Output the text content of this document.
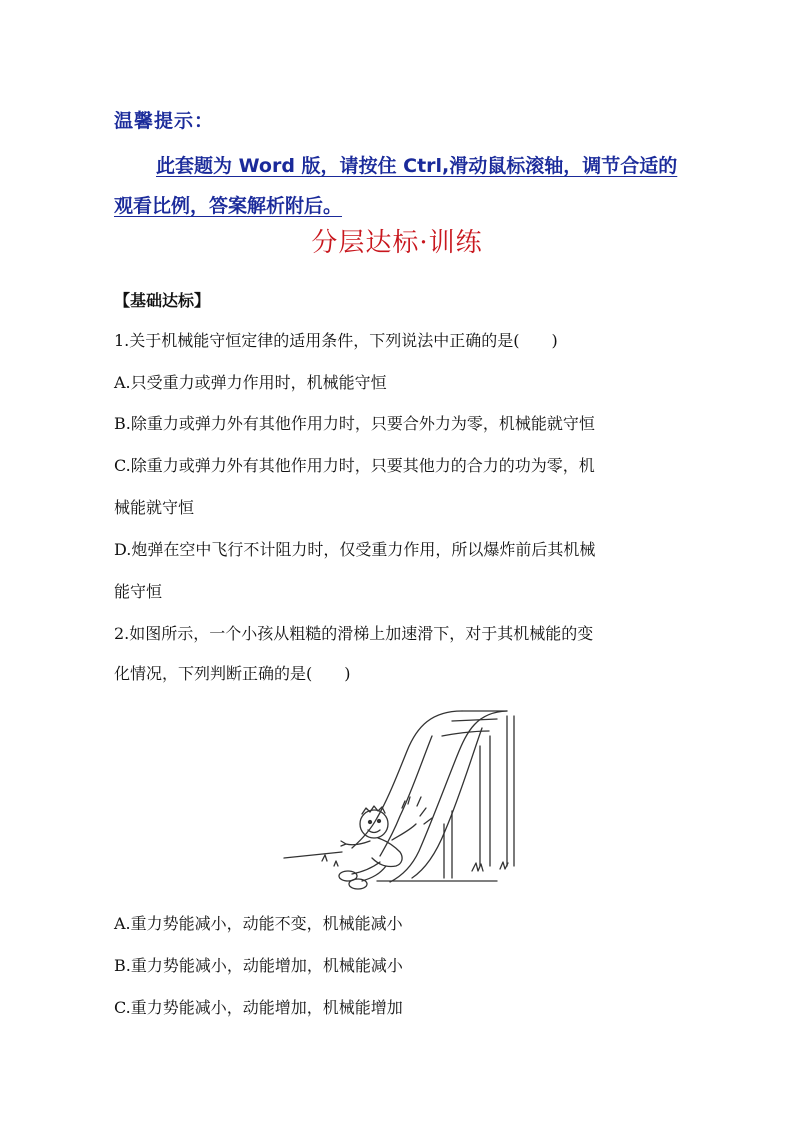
温馨提示：
此套题为 Word 版，请按住 Ctrl,滑动鼠标滚轴，调节合适的观看比例，答案解析附后。
分层达标·训练
【基础达标】
1.关于机械能守恒定律的适用条件，下列说法中正确的是(　　)
A.只受重力或弹力作用时，机械能守恒
B.除重力或弹力外有其他作用力时，只要合外力为零，机械能就守恒
C.除重力或弹力外有其他作用力时，只要其他力的合力的功为零，机
械能就守恒
D.炮弹在空中飞行不计阻力时，仅受重力作用，所以爆炸前后其机械
能守恒
2.如图所示，一个小孩从粗糙的滑梯上加速滑下，对于其机械能的变
化情况，下列判断正确的是(　　)
A.重力势能减小，动能不变，机械能减小
B.重力势能减小，动能增加，机械能减小
C.重力势能减小，动能增加，机械能增加
